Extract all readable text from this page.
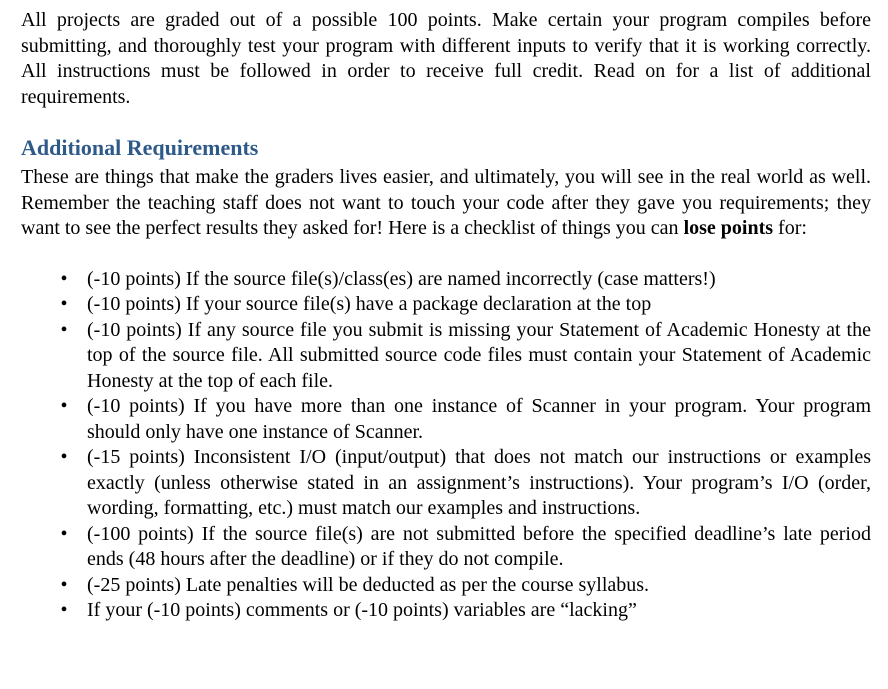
All projects are graded out of a possible 100 points. Make certain your program compiles before submitting, and thoroughly test your program with different inputs to verify that it is working correctly. All instructions must be followed in order to receive full credit. Read on for a list of additional requirements.

Additional Requirements

These are things that make the graders lives easier, and ultimately, you will see in the real world as well. Remember the teaching staff does not want to touch your code after they gave you requirements; they want to see the perfect results they asked for! Here is a checklist of things you can lose points for:

• (-10 points) If the source file(s)/class(es) are named incorrectly (case matters!)
• (-10 points) If your source file(s) have a package declaration at the top
• (-10 points) If any source file you submit is missing your Statement of Academic Honesty at the top of the source file. All submitted source code files must contain your Statement of Academic Honesty at the top of each file.
• (-10 points) If you have more than one instance of Scanner in your program. Your program should only have one instance of Scanner.
• (-15 points) Inconsistent I/O (input/output) that does not match our instructions or examples exactly (unless otherwise stated in an assignment’s instructions). Your program’s I/O (order, wording, formatting, etc.) must match our examples and instructions.
• (-100 points) If the source file(s) are not submitted before the specified deadline’s late period ends (48 hours after the deadline) or if they do not compile.
• (-25 points) Late penalties will be deducted as per the course syllabus.
• If your (-10 points) comments or (-10 points) variables are “lacking”
